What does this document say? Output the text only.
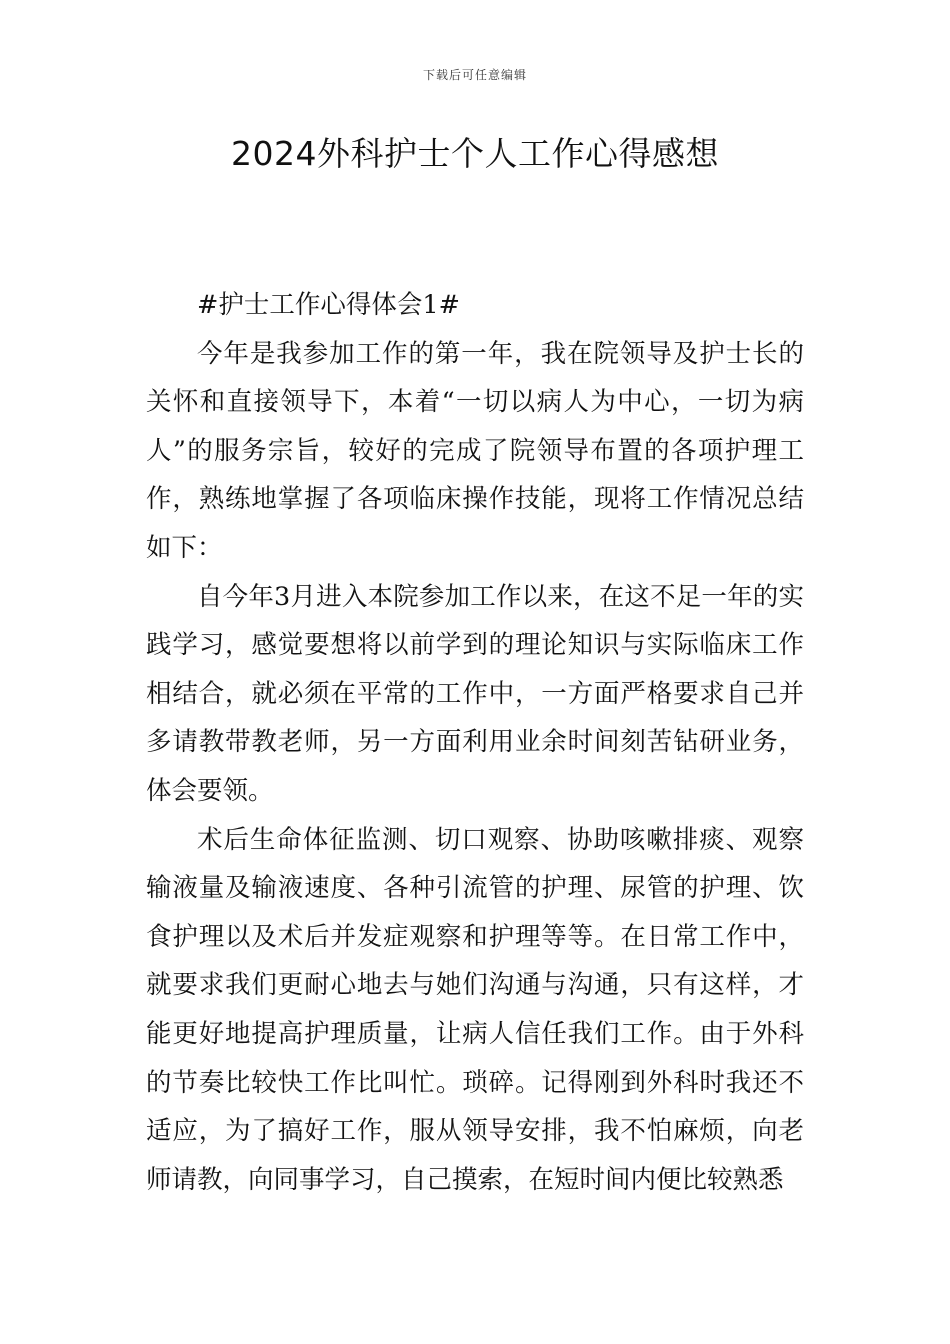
下载后可任意编辑
2024外科护士个人工作心得感想

#护士工作心得体会1#

今年是我参加工作的第一年，我在院领导及护士长的关怀和直接领导下，本着“一切以病人为中心，一切为病人”的服务宗旨，较好的完成了院领导布置的各项护理工作，熟练地掌握了各项临床操作技能，现将工作情况总结如下：

自今年3月进入本院参加工作以来，在这不足一年的实践学习，感觉要想将以前学到的理论知识与实际临床工作相结合，就必须在平常的工作中，一方面严格要求自己并多请教带教老师，另一方面利用业余时间刻苦钻研业务，体会要领。

术后生命体征监测、切口观察、协助咳嗽排痰、观察输液量及输液速度、各种引流管的护理、尿管的护理、饮食护理以及术后并发症观察和护理等等。在日常工作中，就要求我们更耐心地去与她们沟通与沟通，只有这样，才能更好地提高护理质量，让病人信任我们工作。由于外科的节奏比较快工作比叫忙。琐碎。记得刚到外科时我还不适应，为了搞好工作，服从领导安排，我不怕麻烦，向老师请教，向同事学习，自己摸索，在短时间内便比较熟悉
